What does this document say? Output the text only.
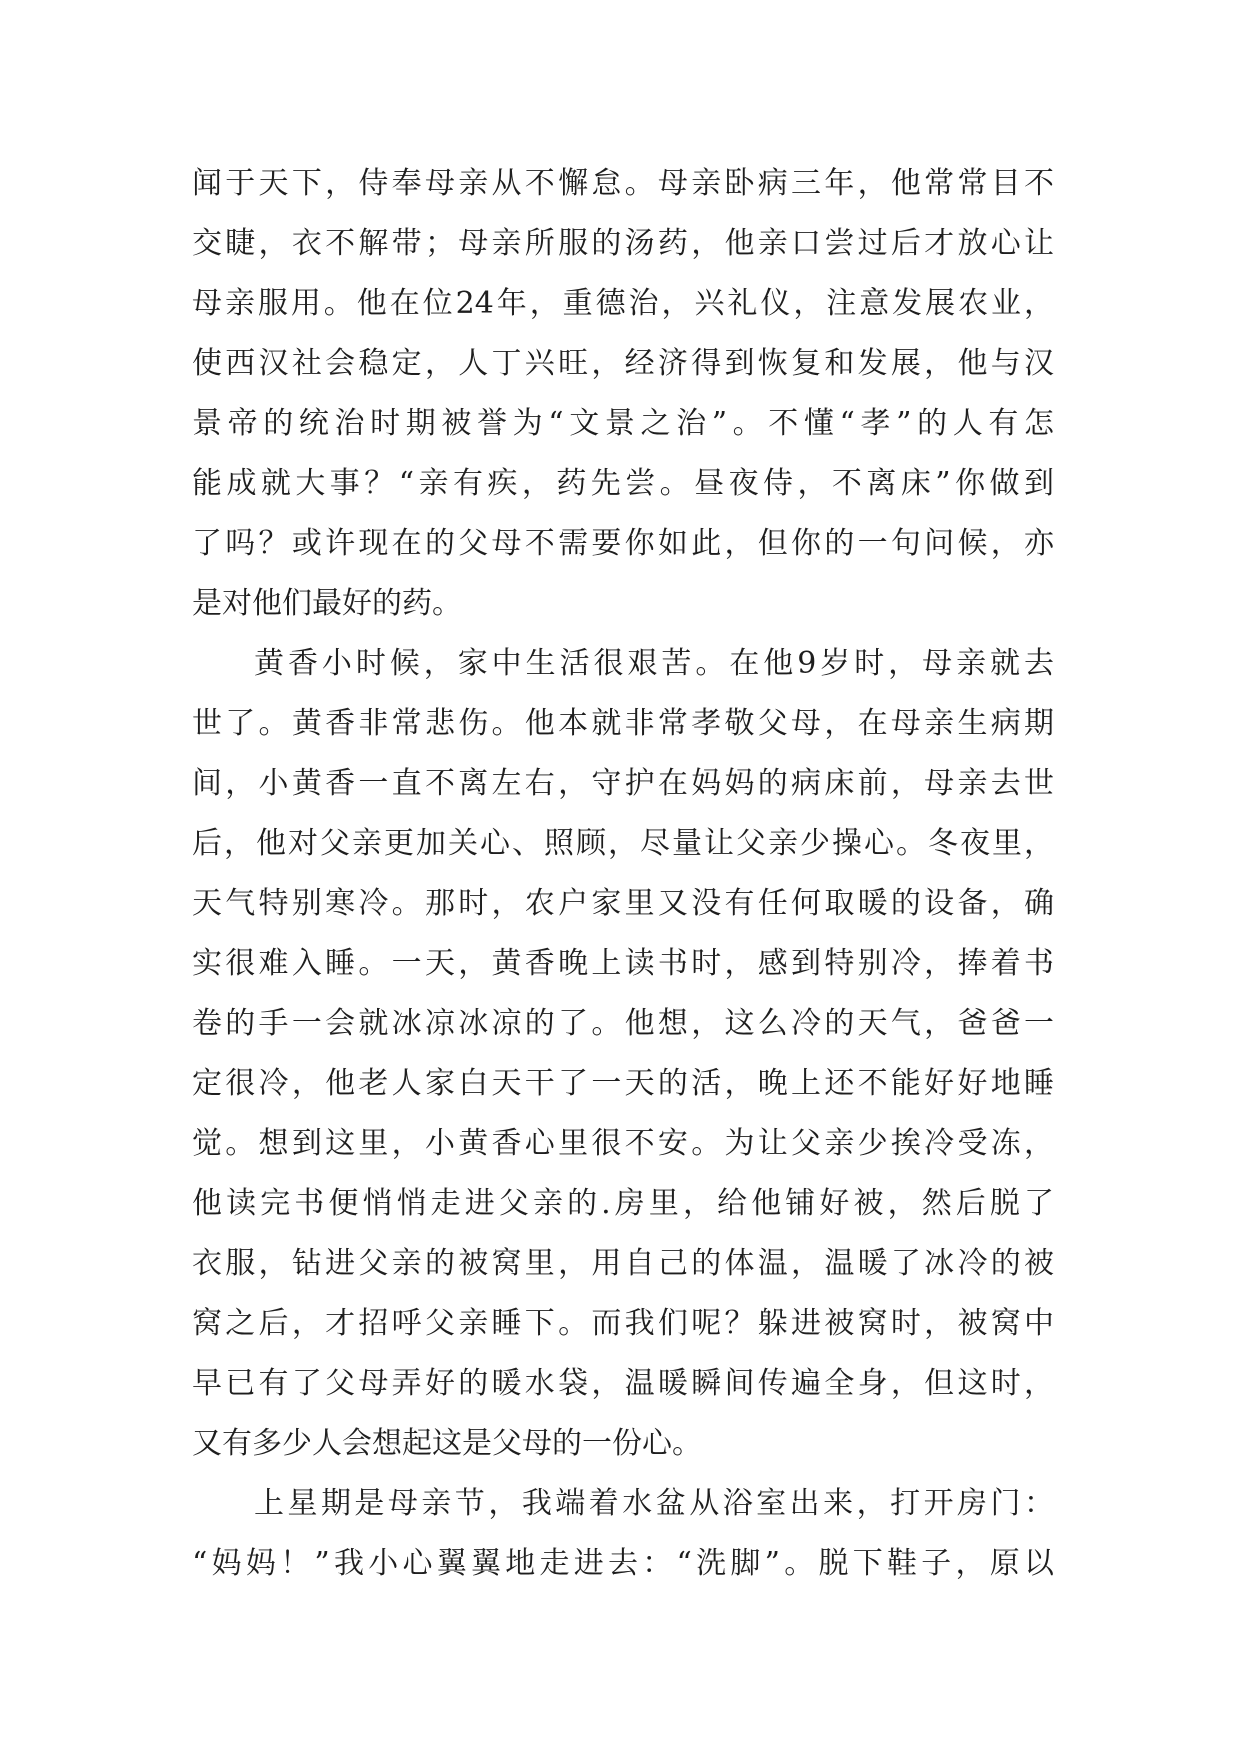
闻于天下，侍奉母亲从不懈怠。母亲卧病三年，他常常目不
交睫，衣不解带；母亲所服的汤药，他亲口尝过后才放心让
母亲服用。他在位24年，重德治，兴礼仪，注意发展农业，
使西汉社会稳定，人丁兴旺，经济得到恢复和发展，他与汉
景帝的统治时期被誉为“文景之治”。不懂“孝”的人有怎
能成就大事？“亲有疾，药先尝。昼夜侍，不离床”你做到
了吗？或许现在的父母不需要你如此，但你的一句问候，亦
是对他们最好的药。
黄香小时候，家中生活很艰苦。在他9岁时，母亲就去
世了。黄香非常悲伤。他本就非常孝敬父母，在母亲生病期
间，小黄香一直不离左右，守护在妈妈的病床前，母亲去世
后，他对父亲更加关心、照顾，尽量让父亲少操心。冬夜里，
天气特别寒冷。那时，农户家里又没有任何取暖的设备，确
实很难入睡。一天，黄香晚上读书时，感到特别冷，捧着书
卷的手一会就冰凉冰凉的了。他想，这么冷的天气，爸爸一
定很冷，他老人家白天干了一天的活，晚上还不能好好地睡
觉。想到这里，小黄香心里很不安。为让父亲少挨冷受冻，
他读完书便悄悄走进父亲的.房里，给他铺好被，然后脱了
衣服，钻进父亲的被窝里，用自己的体温，温暖了冰冷的被
窝之后，才招呼父亲睡下。而我们呢？躲进被窝时，被窝中
早已有了父母弄好的暖水袋，温暖瞬间传遍全身，但这时，
又有多少人会想起这是父母的一份心。
上星期是母亲节，我端着水盆从浴室出来，打开房门：
“妈妈！”我小心翼翼地走进去：“洗脚”。脱下鞋子，原以
